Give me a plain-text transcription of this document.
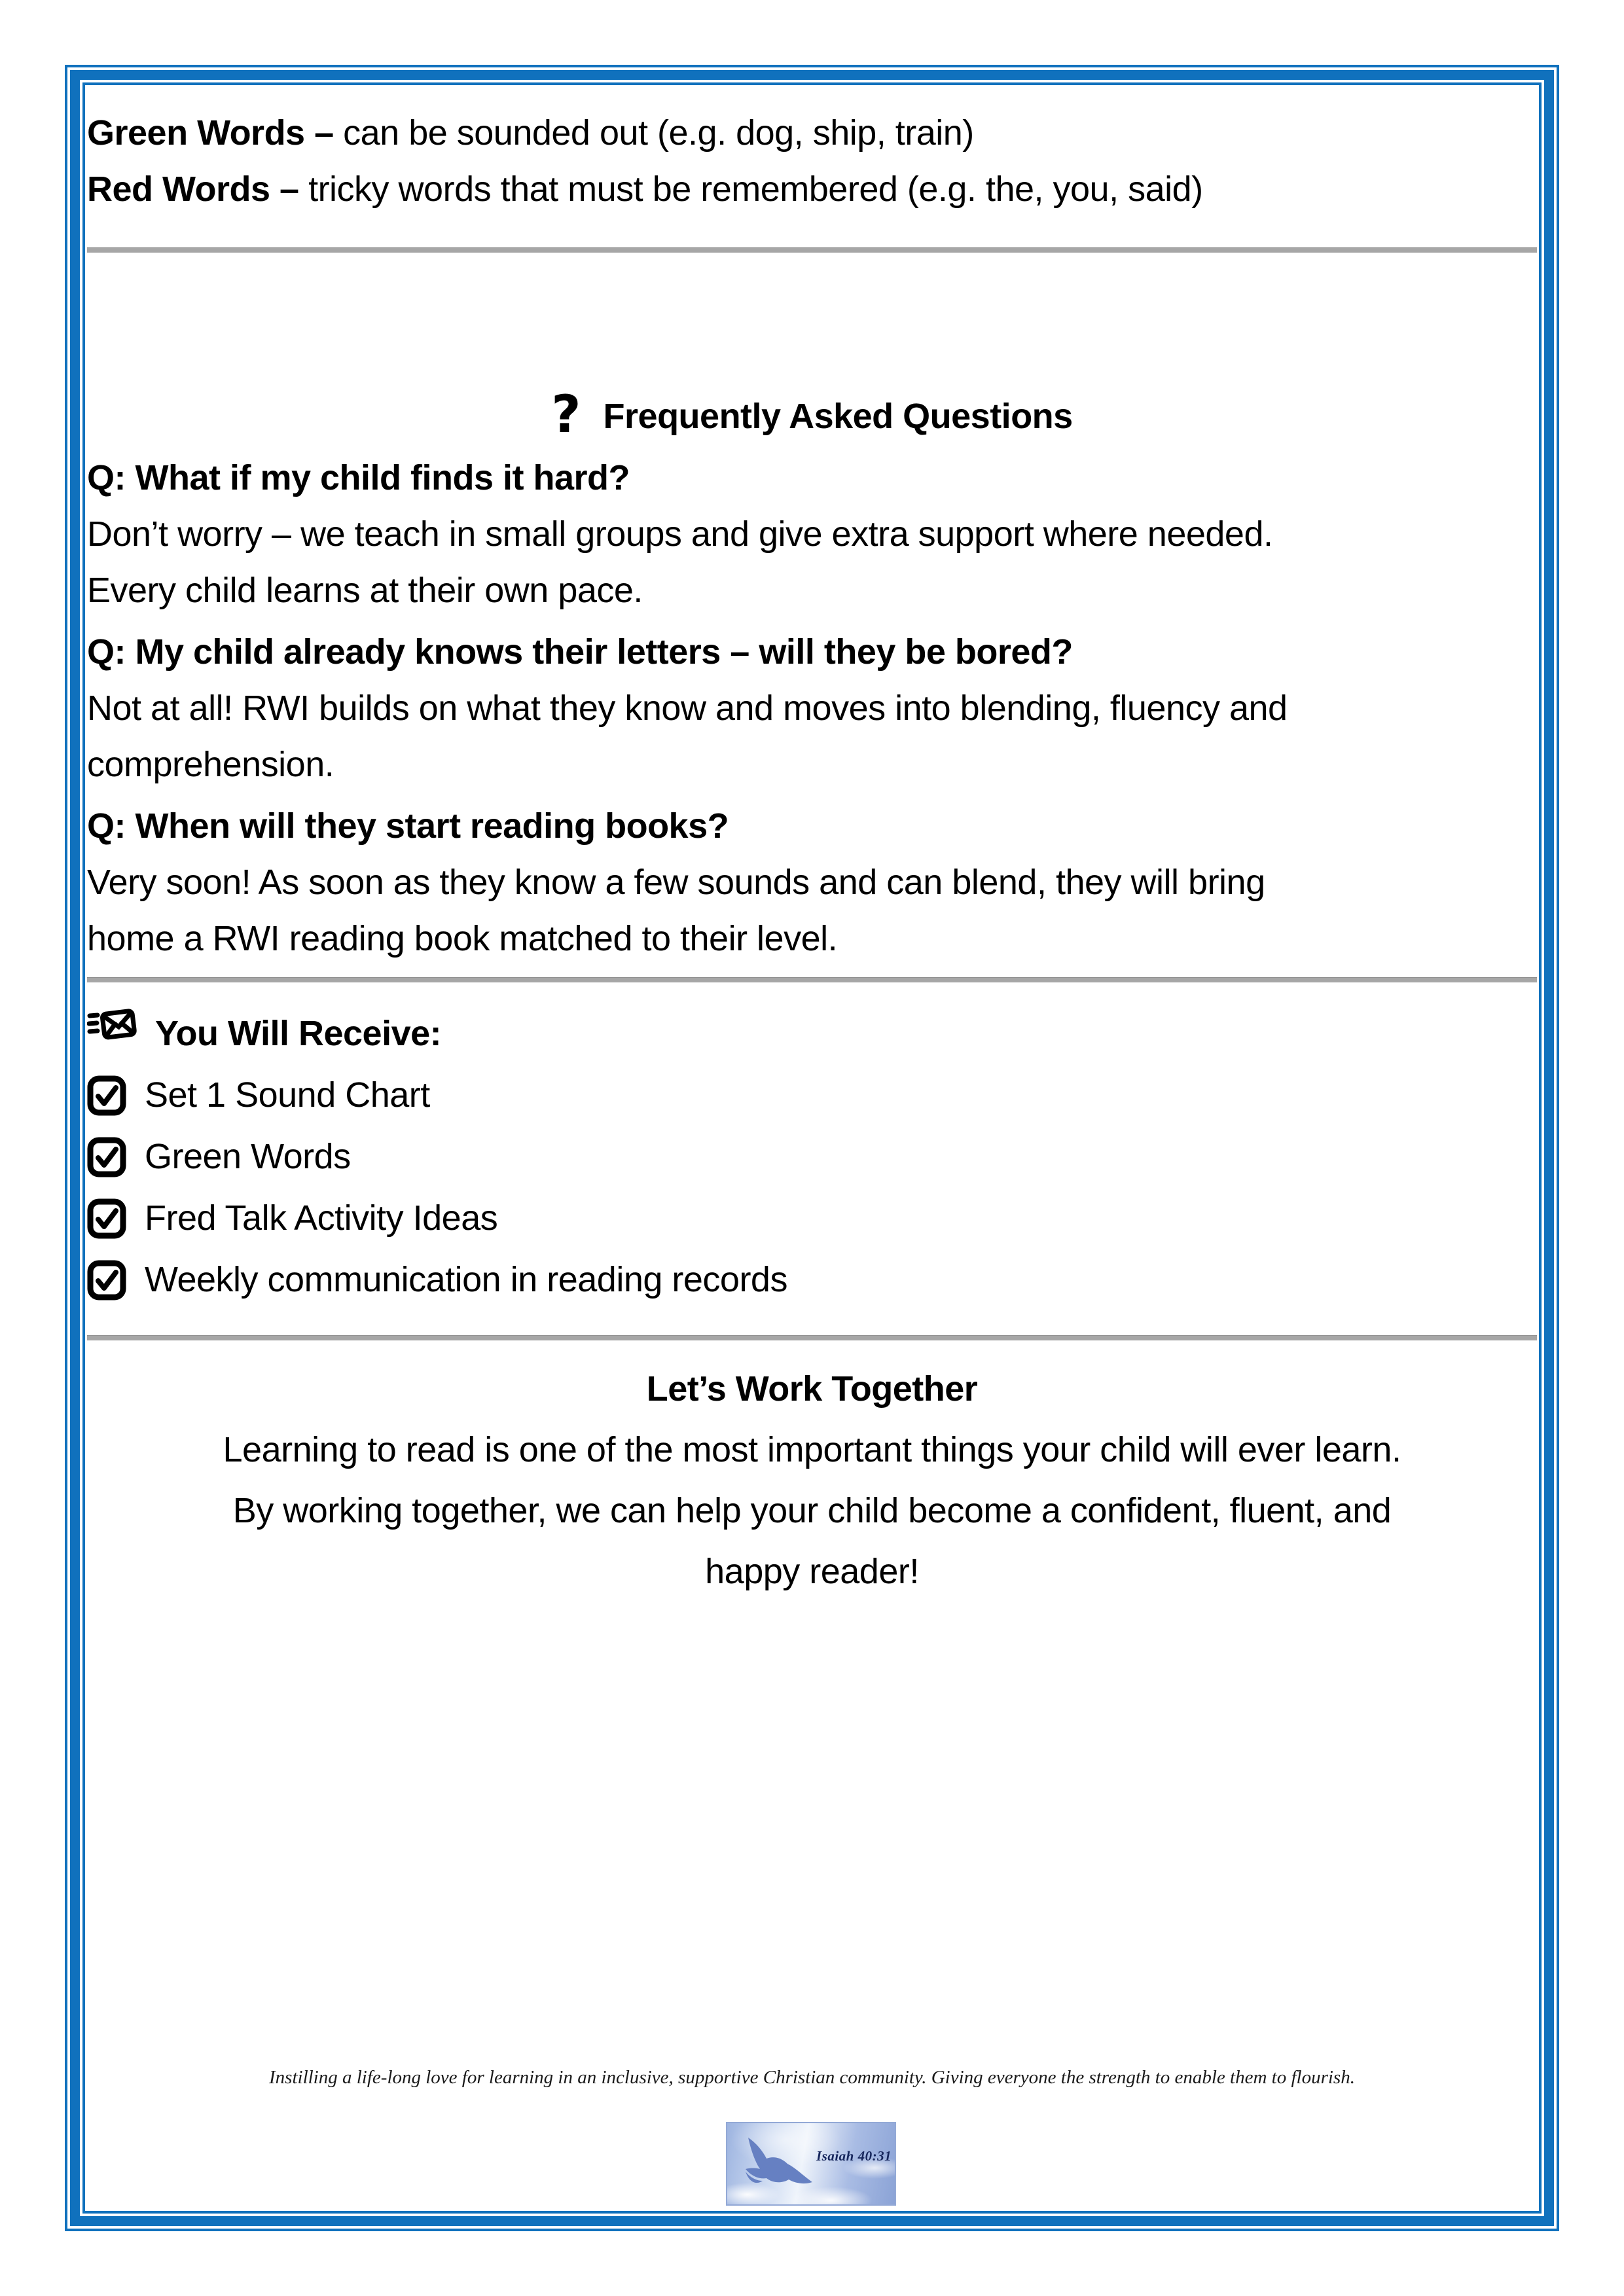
Green Words – can be sounded out (e.g. dog, ship, train)
Red Words – tricky words that must be remembered (e.g. the, you, said)
? Frequently Asked Questions
Q: What if my child finds it hard?
Don’t worry – we teach in small groups and give extra support where needed.
Every child learns at their own pace.
Q: My child already knows their letters – will they be bored?
Not at all! RWI builds on what they know and moves into blending, fluency and
comprehension.
Q: When will they start reading books?
Very soon! As soon as they know a few sounds and can blend, they will bring
home a RWI reading book matched to their level.
You Will Receive:
Set 1 Sound Chart
Green Words
Fred Talk Activity Ideas
Weekly communication in reading records
Let’s Work Together
Learning to read is one of the most important things your child will ever learn.
By working together, we can help your child become a confident, fluent, and
happy reader!
Instilling a life-long love for learning in an inclusive, supportive Christian community. Giving everyone the strength to enable them to flourish.
Isaiah 40:31
